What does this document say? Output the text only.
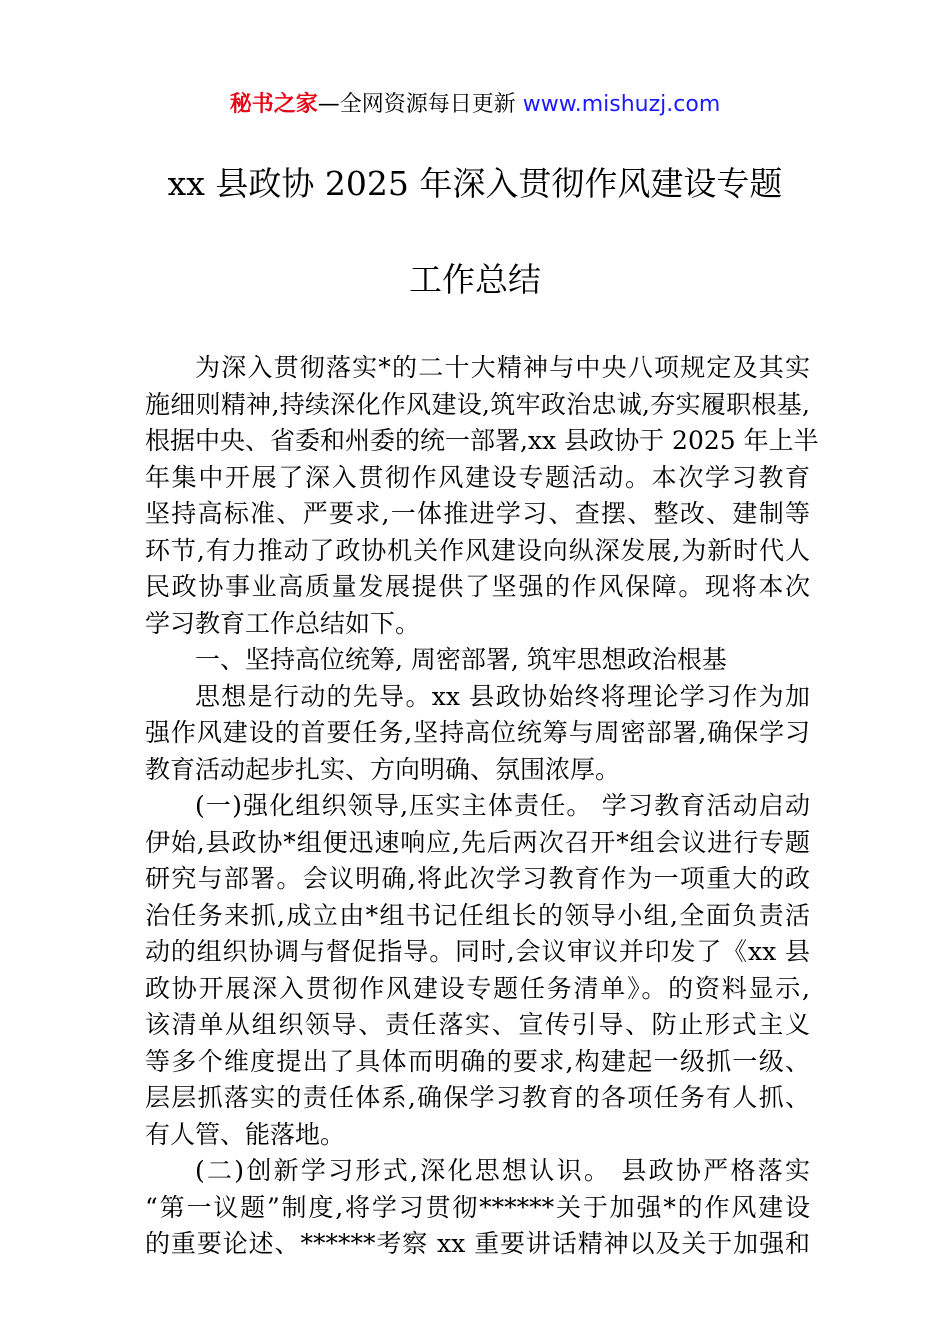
秘书之家—全网资源每日更新 www.mishuzj.com
xx 县政协 2025 年深入贯彻作风建设专题
工作总结
为深入贯彻落实*的二十大精神与中央八项规定及其实
施细则精神,持续深化作风建设,筑牢政治忠诚,夯实履职根基,
根据中央、省委和州委的统一部署,xx 县政协于 2025 年上半
年集中开展了深入贯彻作风建设专题活动。本次学习教育
坚持高标准、严要求,一体推进学习、查摆、整改、建制等
环节,有力推动了政协机关作风建设向纵深发展,为新时代人
民政协事业高质量发展提供了坚强的作风保障。现将本次
学习教育工作总结如下。
一、坚持高位统筹, 周密部署, 筑牢思想政治根基
思想是行动的先导。xx 县政协始终将理论学习作为加
强作风建设的首要任务,坚持高位统筹与周密部署,确保学习
教育活动起步扎实、方向明确、氛围浓厚。
(一)强化组织领导,压实主体责任。 学习教育活动启动
伊始,县政协*组便迅速响应,先后两次召开*组会议进行专题
研究与部署。会议明确,将此次学习教育作为一项重大的政
治任务来抓,成立由*组书记任组长的领导小组,全面负责活
动的组织协调与督促指导。同时,会议审议并印发了《xx 县
政协开展深入贯彻作风建设专题任务清单》。的资料显示,
该清单从组织领导、责任落实、宣传引导、防止形式主义
等多个维度提出了具体而明确的要求,构建起一级抓一级、
层层抓落实的责任体系,确保学习教育的各项任务有人抓、
有人管、能落地。
(二)创新学习形式,深化思想认识。 县政协严格落实
“第一议题”制度,将学习贯彻******关于加强*的作风建设
的重要论述、******考察 xx 重要讲话精神以及关于加强和
